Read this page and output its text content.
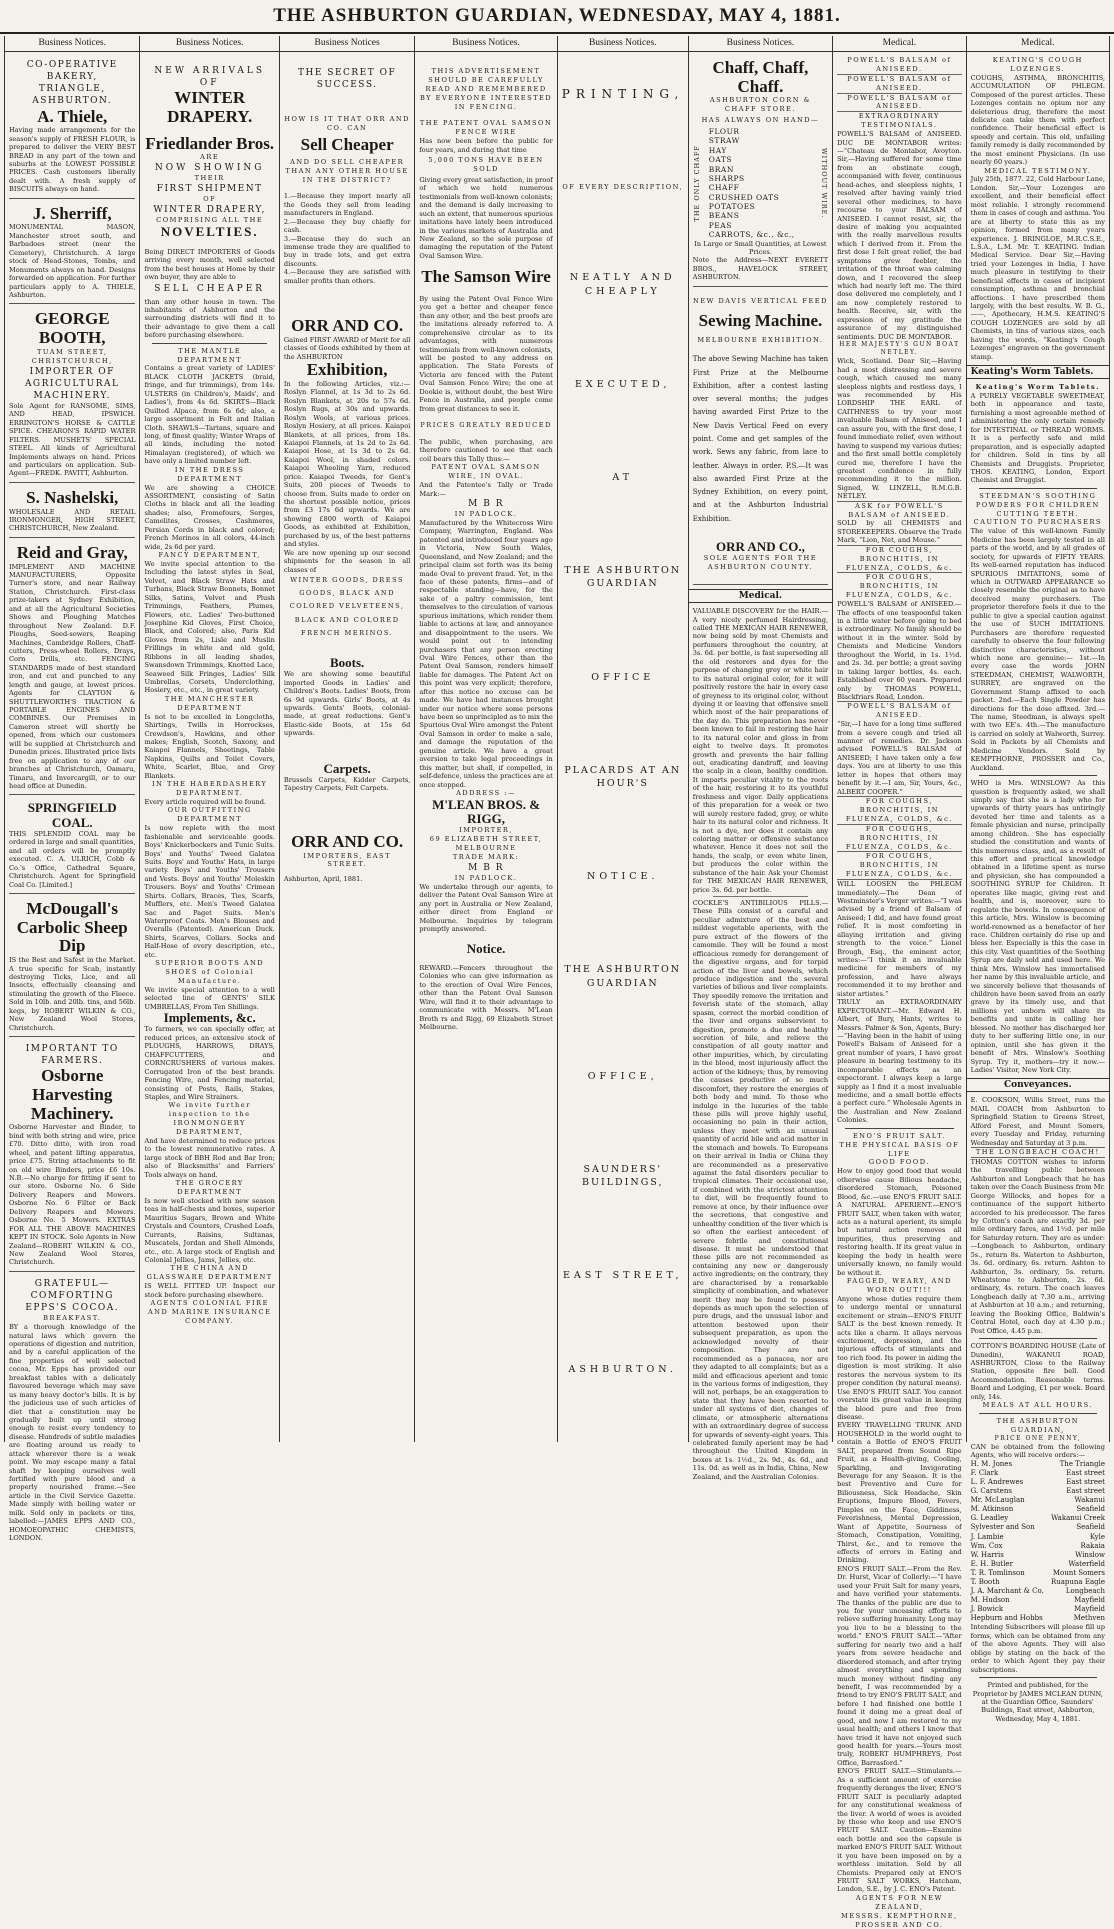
THE ASHBURTON GUARDIAN, WEDNESDAY, MAY 4, 1881.
Business Notices.
CO-OPERATIVE BAKERY,
TRIANGLE,
ASHBURTON.
A. Thiele,
Having made arrangements for the season's supply of FRESH FLOUR, is prepared to deliver the VERY BEST BREAD in any part of the town and suburbs at the LOWEST POSSIBLE PRICES. Cash customers liberally dealt with. A fresh supply of BISCUITS always on hand.
J. Sherriff,
MONUMENTAL MASON, Manchester street south, and Barbadoes street (near the Cemetery), Christchurch. A large stock of Head-Stones, Tombs, and Monuments always on hand. Designs forwarded on application. For further particulars apply to A. THIELE, Ashburton.
GEORGE BOOTH,
TUAM STREET, CHRISTCHURCH,
IMPORTER OF AGRICULTURAL MACHINERY.
Sole Agent for RANSOME, SIMS, AND HEAD, IPSWICH. ERRINGTON'S HORSE & CATTLE SPICE. CHEARON'S RAPID WATER FILTERS. MUSHETS' SPECIAL STEEL. All kinds of Agricultural Implements always on hand. Prices and particulars on application. Sub-Agent—FREDK. PAVITT, Ashburton.
S. Nashelski,
WHOLESALE AND RETAIL IRONMONGER, HIGH STREET, CHRISTCHURCH, New Zealand.
Reid and Gray,
IMPLEMENT AND MACHINE MANUFACTURERS, Opposite Turner's store, and near Railway Station, Christchurch. First-class prize-takers at Sydney Exhibition, and at all the Agricultural Societies Shows and Ploughing Matches throughout New Zealand. D.F. Ploughs, Seed-sowers, Reaping Machines, Cambridge Rollers, Chaff-cutters, Press-wheel Rollers, Drays, Corn Drills, etc. FENCING STANDARDS made of best standard iron, and cut and punched to any length and gauge, at lowest prices. Agents for CLAYTON & SHUTTLEWORTH'S TRACTION & PORTABLE ENGINES AND COMBINES. Our Premises in Cameron street will shortly be opened, from which our customers will be supplied at Christchurch and Dunedin prices. Illustrated price lists free on application to any of our branches at Christchurch, Oamaru, Timaru, and Invercargill, or to our head office at Dunedin.
SPRINGFIELD COAL.
THIS SPLENDID COAL may be ordered in large and small quantities, and all orders will be promptly executed. C. A. ULRICH, Cobb & Co.'s Office, Cathedral Square, Christchurch. Agent for Springfield Coal Co. [Limited.]
McDougall's Carbolic Sheep Dip
IS the Best and Safest in the Market. A true specific for Scab, instantly destroying Ticks, Lice, and all Insects, effectually cleansing and stimulating the growth of the Fleece. Sold in 10lb. and 20lb. tins, and 56lb. kegs, by ROBERT WILKIN & CO., New Zealand Wool Stores, Christchurch.
IMPORTANT TO FARMERS.
Osborne Harvesting Machinery.
Osborne Harvester and Binder, to bind with both string and wire, price £70. Ditto ditto, with iron road wheel, and patent lifting apparatus, price £75. String attachments to fit on old wire Binders, price £6 10s. N.B.—No charge for fitting if sent to our store. Osborne No. 6 Side Delivery Reapers and Mowers. Osborne No. 6 Filter or Back Delivery Reapers and Mowers. Osborne No. 5 Mowers. EXTRAS FOR ALL THE ABOVE MACHINES KEPT IN STOCK. Sole Agents in New Zealand—ROBERT WILKIN & CO., New Zealand Wool Stores, Christchurch.
GRATEFUL—COMFORTING EPPS'S COCOA.
BREAKFAST.
BY a thorough knowledge of the natural laws which govern the operations of digestion and nutrition, and by a careful application of the fine properties of well selected cocoa, Mr. Epps has provided our breakfast tables with a delicately flavoured beverage which may save us many heavy doctor's bills. It is by the judicious use of such articles of diet that a constitution may be gradually built up until strong enough to resist every tendency to disease. Hundreds of subtle maladies are floating around us ready to attack wherever there is a weak point. We may escape many a fatal shaft by keeping ourselves well fortified with pure blood and a properly nourished frame.—See article in the Civil Service Gazette. Made simply with boiling water or milk. Sold only in packets or tins, labelled:—JAMES EPPS AND CO., HOMOEOPATHIC CHEMISTS, LONDON.
Business Notices.
NEW ARRIVALS OF
WINTER DRAPERY.
Friedlander Bros.
ARE
NOW SHOWING
THEIR
FIRST SHIPMENT
OF
WINTER DRAPERY,
COMPRISING ALL THE
NOVELTIES.
Being DIRECT IMPORTERS of Goods arriving every month, well selected from the best houses at Home by their own buyer, they are able to
SELL CHEAPER
than any other house in town. The inhabitants of Ashburton and the surrounding districts will find it to their advantage to give them a call before purchasing elsewhere.
THE MANTLE DEPARTMENT
Contains a great variety of LADIES' BLACK CLOTH JACKETS (braid, fringe, and fur trimmings), from 14s. ULSTERS (in Children's, Maids', and Ladies'), from 4s 6d. SKIRTS—Black Quilted Alpaca, from 6s 6d; also, a large assortment in Felt and Italian Cloth. SHAWLS—Tartans, square and long, of finest quality; Winter Wraps of all kinds, including the noted Himalayan (registered), of which we have only a limited number left.
IN THE DRESS DEPARTMENT
We are showing a CHOICE ASSORTMENT, consisting of Satin Cloths in black and all the leading shades; also, Fromefours, Serges, Camelites, Crosses, Cashmeres, Persian Cords in black and colored; French Merinos in all colors, 44-inch wide, 2s 6d per yard.
FANCY DEPARTMENT,
We invite special attention to the Including the latest styles in Seal, Velvet, and Black Straw Hats and Turbans, Black Straw Bonnets, Bonnet Silks, Satins, Velvet and Plush Trimmings, Feathers, Plumes, Flowers, etc. Ladies' Two-buttoned Josephine Kid Gloves, First Choice, Black, and Colored; also, Paris Kid Gloves from 2s, Lisle and Muslin Frillings in white and old gold, Ribbons in all leading shades, Swansdown Trimmings, Knotted Lace, Seaweed Silk Fringes, Ladies' Silk Umbrellas, Corsets, Underclothing, Hosiery, etc., etc., in great variety.
THE MANCHESTER DEPARTMENT
Is not to be excelled in Longcloths, Shirtings, Twills in Horrockses, Crewdson's, Hawkins, and other makes; English, Scotch, Saxony, and Kaiapoi Flannels, Sheetings, Table Napkins, Quilts and Toilet Covers, White, Scarlet, Blue, and Grey Blankets.
IN THE HABERDASHERY DEPARTMENT.
Every article required will be found.
OUR OUTFITTING DEPARTMENT
Is now replete with the most fashionable and serviceable goods. Boys' Knickerbockers and Tunic Suits. Boys' and Youths' Tweed Galatea Suits. Boys' and Youths' Hats, in large variety. Boys' and Youths' Trousers and Vests. Boys' and Youths' Moleskin Trousers. Boys' and Youths' Crimean Shirts. Collars, Braces, Ties, Scarfs, Mufflers, etc. Men's Tweed Galatea Sac and Paget Suits. Men's Waterproof Coats. Men's Blouses and Overalls (Patented). American Duck. Shirts, Scarves, Collars. Socks and Half-Hose of every description, etc., etc.
SUPERIOR BOOTS AND SHOES of Colonial Manufacture.
We invite special attention to a well selected line of GENTS' SILK UMBRELLAS, From Ten Shillings.
Implements, &c.
To farmers, we can specially offer, at reduced prices, an extensive stock of PLOUGHS, HARROWS, DRAYS, CHAFFCUTTERS, and CORNCRUSHERS of various makes. Corrugated Iron of the best brands. Fencing Wire, and Fencing material, consisting of Posts, Rails, Stakes, Staples, and Wire Strainers.
We invite further inspection to the IRONMONGERY DEPARTMENT,
And have determined to reduce prices to the lowest remunerative rates. A large stock of BBH Rod and Bar Iron; also of Blacksmiths' and Farriers' Tools always on hand.
THE GROCERY DEPARTMENT
Is now well stocked with new season teas in half-chests and boxes, superior Mauritius Sugars, Brown and White Crystals and Counters, Crushed Loafs, Currants, Raisins, Sultanas, Muscatels, Jordan and Shell Almonds, etc., etc. A large stock of English and Colonial Jellies, Jams, Jellies, etc.
THE CHINA AND GLASSWARE DEPARTMENT
IS WELL FITTED UP. Inspect our stock before purchasing elsewhere.
AGENTS COLONIAL FIRE AND MARINE INSURANCE COMPANY.
Business Notices
THE SECRET OF SUCCESS.
HOW IS IT THAT ORR AND CO. CAN
Sell Cheaper
AND DO SELL CHEAPER THAN ANY OTHER HOUSE IN THE DISTRICT?
1.—Because they import nearly all the Goods they sell from leading manufacturers in England.
2.—Because they buy chiefly for cash.
3.—Because they do such an immense trade they are qualified to buy in trade lots, and get extra discounts.
4.—Because they are satisfied with smaller profits than others.
ORR AND CO.
Gained FIRST AWARD of Merit for all classes of Goods exhibited by them at the ASHBURTON
Exhibition,
In the following Articles, viz.:— Roslyn Flannel, at 1s 3d to 2s 6d. Roslyn Blankets, at 20s to 57s 6d. Roslyn Rugs, at 30s and upwards. Roslyn Wools, at various prices. Roslyn Hosiery, at all prices. Kaiapoi Blankets, at all prices, from 18s. Kaiapoi Flannels, at 1s 2d to 2s 6d. Kaiapoi Hose, at 1s 3d to 2s 6d. Kaiapoi Wool, in shaded colors. Kaiapoi Wheeling Yarn, reduced price. Kaiapoi Tweeds, for Gent's Suits, 200 pieces of Tweeds to choose from. Suits made to order on the shortest possible notice, prices from £3 17s 6d upwards. We are showing £800 worth of Kaiapoi Goods, as exhibited at Exhibition, purchased by us, of the best patterns and styles.
We are now opening up our second shipments for the season in all classes of
WINTER GOODS, DRESS GOODS, BLACK AND COLORED VELVETEENS, BLACK AND COLORED FRENCH MERINOS.
Boots.
We are showing some beautiful imported Goods in Ladies' and Children's Boots. Ladies' Boots, from 6s 9d upwards. Girls' Boots, at 4s upwards. Gents' Boots, colonial-made, at great reductions. Gent's Elastic-side Boots, at 15s 6d upwards.
Carpets.
Brussels Carpets, Kidder Carpets, Tapestry Carpets, Felt Carpets.
ORR AND CO.
IMPORTERS, EAST STREET.
Ashburton, April, 1881.
Business Notices.
THIS ADVERTISEMENT SHOULD BE CAREFULLY READ AND REMEMBERED BY EVERYONE INTERESTED IN FENCING.
THE PATENT OVAL SAMSON FENCE WIRE
Has now been before the public for four years, and during that time
5,000 TONS HAVE BEEN SOLD
Giving every great satisfaction, in proof of which we hold numerous testimonials from well-known colonists; and the demand is daily increasing to such an extent, that numerous spurious imitations have lately been introduced in the various markets of Australia and New Zealand, so the sole purpose of damaging the reputation of the Patent Oval Samson Wire.
The Samson Wire
By using the Patent Oval Fence Wire you get a better and cheaper fence than any other, and the best proofs are the imitations already referred to. A comprehensive circular as to its advantages, with numerous testimonials from well-known colonists, will be posted to any address on application. The State Forests of Victoria are fenced with the Patent Oval Samson Fence Wire; the one at Dookie is, without doubt, the best Wire Fence in Australia, and people come from great distances to see it.
PRICES GREATLY REDUCED
The public, when purchasing, are therefore cautioned to see that each coil bears this Tally thus:—
PATENT OVAL SAMSON WIRE, IN OVAL.
And the Patentee's Tally or Trade Mark:—
M B R
IN PADLOCK.
Manufactured by the Whitecross Wire Company, Warrington, England. Was patented and introduced four years ago in Victoria, New South Wales, Queensland, and New Zealand; and the principal claim set forth was its being made Oval to prevent fraud. Yet, in the face of these patents, firms—and of respectable standing—have, for the sake of a paltry commission, lent themselves to the circulation of various spurious imitations, which render them liable to actions at law, and annoyance and disappointment to the users. We would point out to intending purchasers that any person erecting Oval Wire Fences, other than the Patent Oval Samson, renders himself liable for damages. The Patent Act on this point was very explicit; therefore, after this notice no excuse can be made. We have had instances brought under our notice where some persons have been so unprincipled as to mix the Spurious Oval Wire amongst the Patent Oval Samson in order to make a sale, and damage the reputation of the genuine article. We have a great aversion to take legal proceedings in this matter, but shall, if compelled, in self-defence, unless the practices are at once stopped.
ADDRESS :—
M'LEAN BROS. & RIGG,
IMPORTER,
69 ELIZABETH STREET, MELBOURNE
TRADE MARK:
M B R
IN PADLOCK.
We undertake through our agents, to deliver the Patent Oval Samson Wire at any port in Australia or New Zealand, either direct from England or Melbourne. Inquiries by telegram promptly answered.
Notice.
REWARD.—Fencers throughout the Colonies who can give information as to the erection of Oval Wire Fences, other than the Patent Oval Samson Wire, will find it to their advantage to communicate with Messrs. M'Lean Broth rs and Rigg, 69 Elizabeth Street Melbourne.
Business Notices.
PRINTING,
OF EVERY DESCRIPTION,
NEATLY AND CHEAPLY
EXECUTED,
AT
THE ASHBURTON GUARDIAN
OFFICE
PLACARDS AT AN HOUR'S
NOTICE.
THE ASHBURTON GUARDIAN
OFFICE,
SAUNDERS' BUILDINGS,
EAST STREET,
ASHBURTON.
Business Notices.
Chaff, Chaff, Chaff.
ASHBURTON CORN & CHAFF STORE.
HAS ALWAYS ON HAND—
THE ONLY CHAFF
FLOUR
STRAW
HAY
OATS
BRAN
SHARPS
CHAFF
CRUSHED OATS
POTATOES
BEANS
PEAS
CARROTS, &c., &c.,
WITHOUT WIRE.
In Large or Small Quantities, at Lowest Prices.
Note the Address—NEXT EVERETT BROS., HAVELOCK STREET, ASHBURTON.
NEW DAVIS VERTICAL FEED
Sewing Machine.
MELBOURNE EXHIBITION.
The above Sewing Machine has taken First Prize at the Melbourne Exhibition, after a contest lasting over several months; the judges having awarded First Prize to the New Davis Vertical Feed on every point. Come and get samples of the work. Sews any fabric, from lace to leather. Always in order. P.S.—It was also awarded First Prize at the Sydney Exhibition, on every point, and at the Ashburton Industrial Exhibition.
ORR AND CO.,
SOLE AGENTS FOR THE ASHBURTON COUNTY.
Medical.
VALUABLE DISCOVERY for the HAIR.—A very nicely perfumed Hairdressing, called THE MEXICAN HAIR RENEWER, now being sold by most Chemists and perfumers throughout the country, at 3s. 6d. per bottle, is fast superseding all the old restorers and dyes for the purpose of changing grey or white hair to its natural original color, for it will positively restore the hair in every case of greyness to its original color, without dyeing it or leaving that offensive smell which most of the hair preparations of the day do. This preparation has never been known to fail in restoring the hair to its natural color and gloss in from eight to twelve days. It promotes growth and prevents the hair falling out, eradicating dandruff, and leaving the scalp in a clean, healthy condition. It imparts peculiar vitality to the roots of the hair, restoring it to its youthful freshness and vigor. Daily applications of this preparation for a week or two will surely restore faded, grey, or white hair to its natural color and richness. It is not a dye, nor does it contain any coloring matter or offensive substance whatever. Hence it does not soil the hands, the scalp, or even white linen, but produces the color within the substance of the hair. Ask your Chemist for THE MEXICAN HAIR RENEWER, price 3s. 6d. per bottle.
COCKLE'S ANTIBILIOUS PILLS.—These Pills consist of a careful and peculiar admixture of the best and mildest vegetable aperients, with the pure extract of the flowers of the camomile. They will be found a most efficacious remedy for derangement of the digestive organs, and for torpid action of the liver and bowels, which produce indigestion and the several varieties of bilious and liver complaints. They speedily remove the irritation and feverish state of the stomach, allay spasm, correct the morbid condition of the liver and organs subservient to digestion, promote a due and healthy secretion of bile, and relieve the constipation of all gouty matter and other impurities, which, by circulating in the blood, most injuriously affect the action of the kidneys; thus, by removing the causes productive of so much discomfort, they restore the energies of both body and mind. To those who indulge in the luxuries of the table these pills will prove highly useful, occasioning no pain in their action, unless they meet with an unusual quantity of acrid bile and acid matter in the stomach and bowels. To Europeans on their arrival in India or China they are recommended as a preservative against the fatal disorders peculiar to tropical climates. Their occasional use, if combined with the strictest attention to diet, will be frequently found to remove at once, by their influence over the secretions, that congestive and unhealthy condition of the liver which is so often the earliest antecedent of severe febrile and constitutional disease. It must be understood that these pills are not recommended as containing any new or dangerously active ingredients; on the contrary, they are characterised by a remarkable simplicity of combination, and whatever merit they may be found to possess depends as much upon the selection of pure drugs, and the unusual labor and attention bestowed upon their subsequent preparation, as upon the acknowledged novelty of their composition. They are not recommended as a panacea, nor are they adapted to all complaints; but as a mild and efficacious aperient and tonic in the various forms of indigestion, they will not, perhaps, be an exaggeration to state that they have been resorted to under all systems of diet, changes of climate, or atmospheric alternations with an extraordinary degree of success for upwards of seventy-eight years. This celebrated family aperient may be had throughout the United Kingdom in boxes at 1s. 1½d., 2s. 9d., 4s. 6d., and 11s. 0d. as well as in India, China, New Zealand, and the Australian Colonies.
Medical.
POWELL'S BALSAM of ANISEED.
POWELL'S BALSAM of ANISEED.
POWELL'S BALSAM of ANISEED.
EXTRAORDINARY TESTIMONIALS.
POWELL'S BALSAM of ANISEED. DUC DE MONTABOR writes:—“Chateau de Montabor, Avoyton. Sir,—Having suffered for some time from an obstinate cough, accompanied with fever, continuous head-aches, and sleepless nights, I resolved after having vainly tried several other medicines, to have recourse to your BALSAM of ANISEED. I cannot resist, sir, the desire of making you acquainted with the really marvellous results which I derived from it. From the first dose I felt great relief, the bad symptoms grew feebler, the irritation of the throat was calming down, and I recovered the sleep which had nearly left me. The third dose delivered me completely, and I am now completely restored to health. Receive, sir, with the expression of my gratitude the assurance of my distinguished sentiments. DUC DE MONTABOR.
HER MAJESTY'S GUN BOAT NETLEY.
Wick, Scotland. Dear Sir,—Having had a most distressing and severe cough, which caused me many sleepless nights and restless days, I was recommended by His LORDSHIP THE EARL of CAITHNESS to try your most invaluable Balsam of Aniseed, and I can assure you, with the first dose, I found immediate relief, even without having to suspend my various duties; and the first small bottle completely cured me, therefore I have the greatest confidence in fully recommending it to the million. Signed, W. LINZELL, R.M.G.B. NETLEY.
ASK for POWELL'S BALSAM of ANISEED.
SOLD by all CHEMISTS and STOREKEEPERS. Observe the Trade Mark, “Lion, Net, and Mouse.”
FOR COUGHS, BRONCHITIS, IN FLUENZA, COLDS, &c.
FOR COUGHS, BRONCHITIS, IN FLUENZA, COLDS, &c.
POWELL'S BALSAM of ANISEED.—The effects of one teaspoonful taken in a little water before going to bed is extraordinary. No family should be without it in the winter. Sold by Chemists and Medicine Vendors throughout the World, in 1s. 1½d. and 2s. 3d. per bottle; a great saving in taking larger bottles, 4s. each. Established over 60 years. Prepared only by THOMAS POWELL, Blackfriars Road, London.
POWELL'S BALSAM of ANISEED.
“Sir,—I have for a long time suffered from a severe cough and tried all manner of remedies. Dr. Jackson advised POWELL'S BALSAM of ANISEED; I have taken only a few days. You are at liberty to use this letter in hopes that others may benefit by it.—I am, Sir, Yours, &c., ALBERT COOPER.”
FOR COUGHS, BRONCHITIS, IN FLUENZA, COLDS, &c.
FOR COUGHS, BRONCHITIS, IN FLUENZA, COLDS, &c.
FOR COUGHS, BRONCHITIS, IN FLUENZA, COLDS, &c.
WILL LOOSEN the PHLEGM immediately.—The Dean of Westminster's Verger writes:—“I was advised by a friend of Balsam of Aniseed; I did, and have found great relief. It is most comforting in allaying irritation and giving strength to the voice.” Lionel Brough, Esq., the eminent actor, writes:—“I think it an invaluable medicine for members of my profession, and have always recommended it to my brother and sister artistes.”
TRULY an EXTRAORDINARY EXPECTORANT.—Mr. Edward H. Albert, of Bury, Hants, writes to Messrs. Palmer & Son, Agents, Bury:—“Having been in the habit of using Powell's Balsam of Aniseed for a great number of years, I have great pleasure in bearing testimony to its incomparable effects as an expectorant. I always keep a large supply as I find it a most invaluable medicine, and a small bottle effects a perfect cure.” Wholesale Agents in the Australian and New Zealand Colonies.
ENO'S FRUIT SALT.
THE PHYSICAL BASIS OF LIFE
GOOD FOOD.
How to enjoy good food that would otherwise cause Bilious headache, disordered Stomach, Poisoned Blood, &c.—use ENO'S FRUIT SALT. A NATURAL APERIENT.—ENO'S FRUIT SALT, when taken with water, acts as a natural aperient, its simple but natural action removes all impurities, thus preserving and restoring health. If its great value in keeping the body in health were universally known, no family would be without it.
FAGGED, WEARY, AND WORN OUT!!!
Anyone whose duties require them to undergo mental or unnatural excitement or strain—ENO'S FRUIT SALT is the best known remedy. It acts like a charm. It allays nervous excitement, depression, and the injurious effects of stimulants and too rich food. Its power in aiding the digestion is most striking. It also restores the nervous system to its proper condition (by natural means). Use ENO'S FRUIT SALT. You cannot overstate its great value in keeping the blood pure and free from disease.
EVERY TRAVELLING TRUNK AND HOUSEHOLD in the world ought to contain a Bottle of ENO'S FRUIT SALT, prepared from Sound Ripe Fruit, as a Health-giving, Cooling, Sparkling, and Invigorating Beverage for any Season. It is the best Preventive and Cure for Biliousness, Sick Headache, Skin Eruptions, Impure Blood, Fevers, Pimples on the Face, Giddiness, Feverishness, Mental Depression, Want of Appetite, Sourness of Stomach, Constipation, Vomiting, Thirst, &c., and to remove the effects of errors in Eating and Drinking.
ENO'S FRUIT SALT.—From the Rev. Dr. Hurst, Vicar of Collerly:—“I have used your Fruit Salt for many years, and have verified your statements. The thanks of the public are due to you for your unceasing efforts to relieve suffering humanity. Long may you live to be a blessing to the world.” ENO'S FRUIT SALT.—“After suffering for nearly two and a half years from severe headache and disordered stomach, and after trying almost everything and spending much money without finding any benefit, I was recommended by a friend to try ENO'S FRUIT SALT, and before I had finished one bottle I found it doing me a great deal of good, and now I am restored to my usual health; and others I know that have tried it have not enjoyed such good health for years.—Yours most truly, ROBERT HUMPHREYS, Post Office, Barrasford.”
ENO'S FRUIT SALT.—Stimulants.—As a sufficient amount of exercise frequently deranges the liver, ENO'S FRUIT SALT is peculiarly adapted for any constitutional weakness of the liver. A world of woes is avoided by those who keep and use ENO'S FRUIT SALT. Caution—Examine each bottle and see the capsule is marked ENO'S FRUIT SALT. Without it you have been imposed on by a worthless imitation. Sold by all Chemists. Prepared only at ENO'S FRUIT SALT WORKS, Hatcham, London, S.E., by J. C. ENO's Patent.
AGENTS FOR NEW ZEALAND,
MESSRS. KEMPTHORNE, PROSSER AND CO.
Medical.
KEATING'S COUGH LOZENGES.
COUGHS, ASTHMA, BRONCHITIS, ACCUMULATION OF PHLEGM. Composed of the purest articles. These Lozenges contain no opium nor any deleterious drug, therefore the most delicate can take them with perfect confidence. Their beneficial effect is speedy and certain. This old, unfailing family remedy is daily recommended by the most eminent Physicians. (In use nearly 60 years.)
MEDICAL TESTIMONY.
July 25th, 1877. 22, Cold Harbour Lane, London. Sir,—Your Lozenges are excellent, and their beneficial effect most reliable. I strongly recommend them in cases of cough and asthma. You are at liberty to state this as my opinion, formed from many years experience. J. BRINGLOE, M.R.C.S.E., L.S.A., L.M. Mr. T. KEATING. Indian Medical Service. Dear Sir,—Having tried your Lozenges in India, I have much pleasure in testifying to their beneficial effects in cases of incipient consumption, asthma and bronchial affections. I have prescribed them largely, with the best results. W. B. G., ——, Apothecary, H.M.S. KEATING'S COUGH LOZENGES are sold by all Chemists, in tins of various sizes, each having the words, “Keating's Cough Lozenges” engraven on the government stamp.
Keating's Worm Tablets.
Keating's Worm Tablets.
A PURELY VEGETABLE SWEETMEAT, both in appearance and taste, furnishing a most agreeable method of administering the only certain remedy for INTESTINAL or THREAD WORMS. It is a perfectly safe and mild preparation, and is especially adapted for children. Sold in tins by all Chemists and Druggists. Proprietor, THOS. KEATING, London, Export Chemist and Druggist.
STEEDMAN'S SOOTHING POWDERS FOR CHILDREN CUTTING TEETH.
CAUTION TO PURCHASERS
The value of this well-known Family Medicine has been largely tested in all parts of the world, and by all grades of society, for upwards of FIFTY YEARS. Its well-earned reputation has induced SPURIOUS IMITATIONS, some of which in OUTWARD APPEARANCE so closely resemble the original as to have deceived many purchasers. The proprietor therefore feels it due to the public to give a special caution against the use of SUCH IMITATIONS. Purchasers are therefore requested carefully to observe the four following distinctive characteristics, without which none are genuine:— 1st.—In every case the words JOHN STEEDMAN, CHEMIST, WALWORTH, SURREY, are engraved on the Government Stamp affixed to each packet. 2nd.—Each Single Powder has directions for the dose affixed. 3rd.—The name, Steedman, is always spelt with two EE's. 4th.—The manufacture is carried on solely at Walworth, Surrey. Sold in Packets by all Chemists and Medicine Vendors. Sold by KEMPTHORNE, PROSSER and Co., Auckland.
WHO is Mrs. WINSLOW? As this question is frequently asked, we shall simply say that she is a lady who for upwards of thirty years has untiringly devoted her time and talents as a female physician and nurse, principally among children. She has especially studied the constitution and wants of this numerous class, and, as a result of this effort and practical knowledge obtained in a lifetime spent as nurse and physician, she has compounded a SOOTHING SYRUP for Children. It operates like magic, giving rest and health, and is, moreover, sure to regulate the bowels. In consequence of this article, Mrs. Winslow is becoming world-renowned as a benefactor of her race. Children certainly do rise up and bless her. Especially is this the case in this city. Vast quantities of the Soothing Syrup are daily sold and used here. We think Mrs. Winslow has immortalised her name by this invaluable article, and we sincerely believe that thousands of children have been saved from an early grave by its timely use, and that millions yet unborn will share its benefits and unite in calling her blessed. No mother has discharged her duty to her suffering little one, in our opinion, until she has given it the benefit of Mrs. Winslow's Soothing Syrup. Try it, mothers—try it now.—Ladies' Visitor, New York City.
Conveyances.
E. COOKSON, Willis Street, runs the MAIL COACH from Ashburton to Springfield Station to Greens Street, Alford Forest, and Mount Somers, every Tuesday and Friday, returning Wednesday and Saturday at 3 p.m.
THE LONGBEACH COACH!
THOMAS COTTON wishes to inform the travelling public between Ashburton and Longbeach that he has taken over the Coach Business from Mr. George Willocks, and hopes for a continuance of the support hitherto accorded to his predecessor. The fares by Cotton's coach are exactly 3d. per mile ordinary fares, and 1½d. per mile for Saturday return. They are as under:—Longbeach to Ashburton, ordinary 5s., return 8s. Waterton to Ashburton, 3s. 6d. ordinary, 6s. return. Ashton to Ashburton, 3s. ordinary, 5s. return. Wheatstone to Ashburton, 2s. 6d. ordinary, 4s. return. The coach leaves Longbeach daily at 7.30 a.m., arriving at Ashburton at 10 a.m.; and returning, leaving the Booking Office, Baldwin's Central Hotel, each day at 4.30 p.m.; Post Office, 4.45 p.m.
COTTON'S BOARDING HOUSE (Late of Dunedin), WAKANUI ROAD, ASHBURTON, Close to the Railway Station, opposite fire bell. Good Accommodation. Reasonable terms. Board and Lodging, £1 per week. Board only, 14s.
MEALS AT ALL HOURS.
THE ASHBURTON GUARDIAN,
PRICE ONE PENNY,
CAN be obtained from the following Agents, who will receive orders:—
H. M. Jones	The Triangle
F. Clark	East street
L. F. Andrewes	East street
G. Carstens	East street
Mr. McLauglan	Wakanui
M. Atkinson	Seafield
G. Leadley	Wakanui Creek
Sylvester and Son	Seafield
J. Lambie	Kyle
Wm. Cox	Rakaia
W. Harris	Winslow
E. H. Butler	Waterfield
T. R. Tomlinson	Mount Somers
T. Booth	Ruapuna Eagle
J. A. Marchant & Co.	Longbeach
M. Hudson	Mayfield
J. Bowick	Mayfield
Hepburn and Hobbs	Methven
Intending Subscribers will please fill up forms, which can be obtained from any of the above Agents. They will also oblige by stating on the back of the order to which Agent they pay their subscriptions.
Printed and published, for the Proprietor by JAMES MCLEAN DUNN, at the Guardian Office, Saunders' Buildings, East street, Ashburton, Wednesday, May 4, 1881.
